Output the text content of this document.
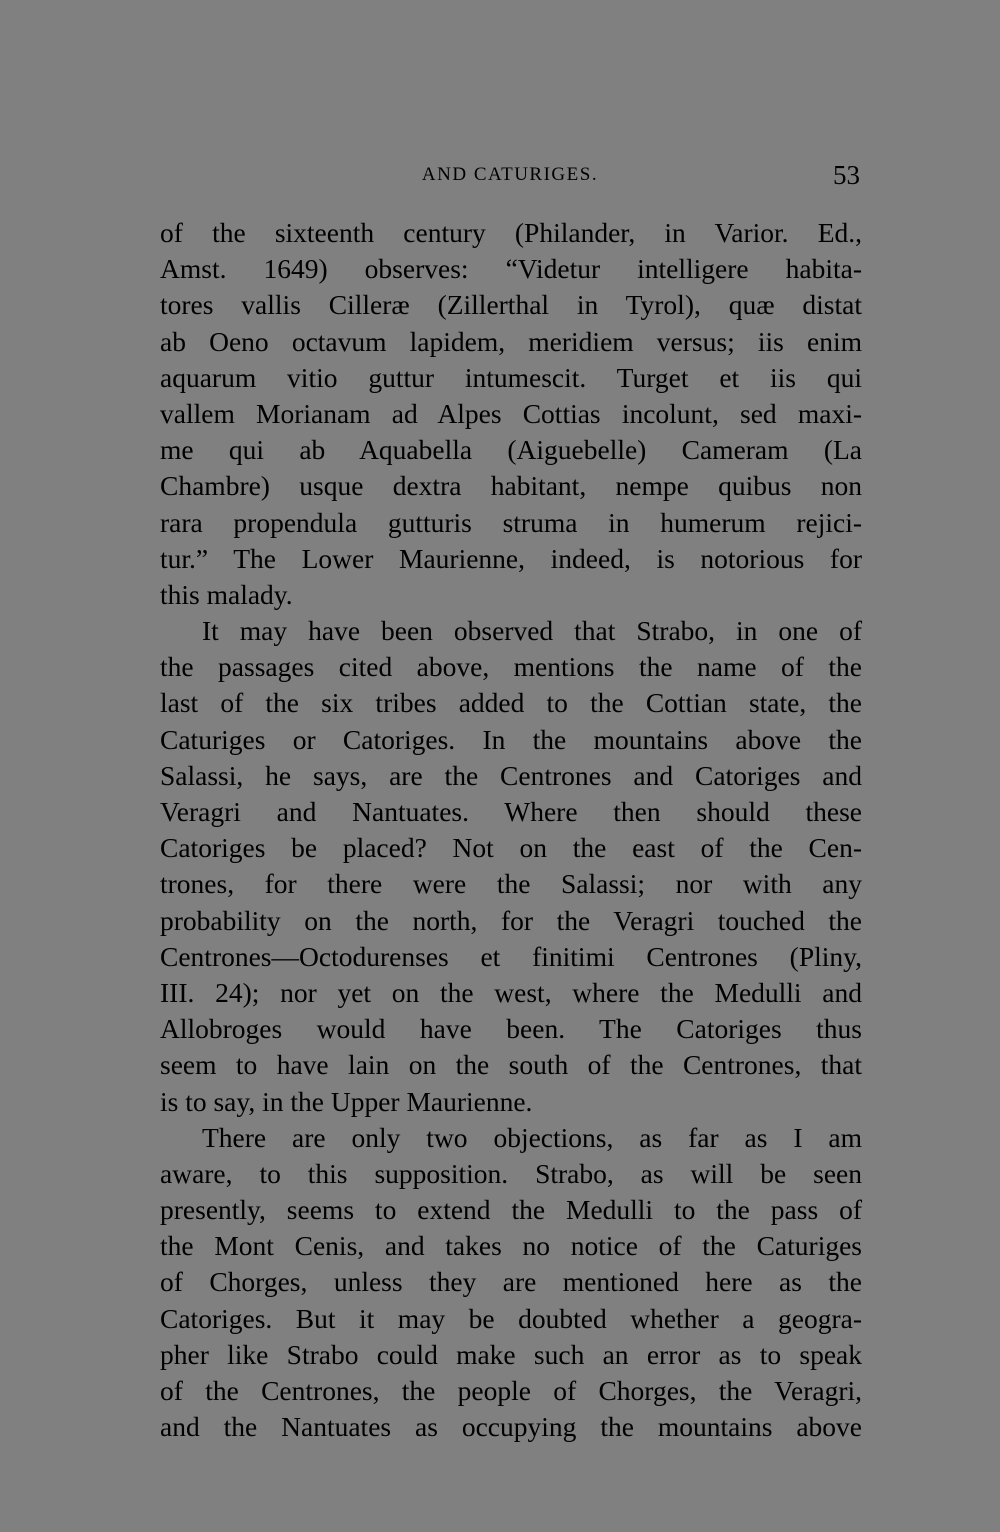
AND CATURIGES.	53
of the sixteenth century (Philander, in Varior. Ed.,
Amst. 1649) observes: “Videtur intelligere habita-
tores vallis Cilleræ (Zillerthal in Tyrol), quæ distat
ab Oeno octavum lapidem, meridiem versus; iis enim
aquarum vitio guttur intumescit. Turget et iis qui
vallem Morianam ad Alpes Cottias incolunt, sed maxi-
me qui ab Aquabella (Aiguebelle) Cameram (La
Chambre) usque dextra habitant, nempe quibus non
rara propendula gutturis struma in humerum rejici-
tur.” The Lower Maurienne, indeed, is notorious for
this malady.
It may have been observed that Strabo, in one of
the passages cited above, mentions the name of the
last of the six tribes added to the Cottian state, the
Caturiges or Catoriges. In the mountains above the
Salassi, he says, are the Centrones and Catoriges and
Veragri and Nantuates. Where then should these
Catoriges be placed? Not on the east of the Cen-
trones, for there were the Salassi; nor with any
probability on the north, for the Veragri touched the
Centrones—Octodurenses et finitimi Centrones (Pliny,
III. 24); nor yet on the west, where the Medulli and
Allobroges would have been. The Catoriges thus
seem to have lain on the south of the Centrones, that
is to say, in the Upper Maurienne.
There are only two objections, as far as I am
aware, to this supposition. Strabo, as will be seen
presently, seems to extend the Medulli to the pass of
the Mont Cenis, and takes no notice of the Caturiges
of Chorges, unless they are mentioned here as the
Catoriges. But it may be doubted whether a geogra-
pher like Strabo could make such an error as to speak
of the Centrones, the people of Chorges, the Veragri,
and the Nantuates as occupying the mountains above
